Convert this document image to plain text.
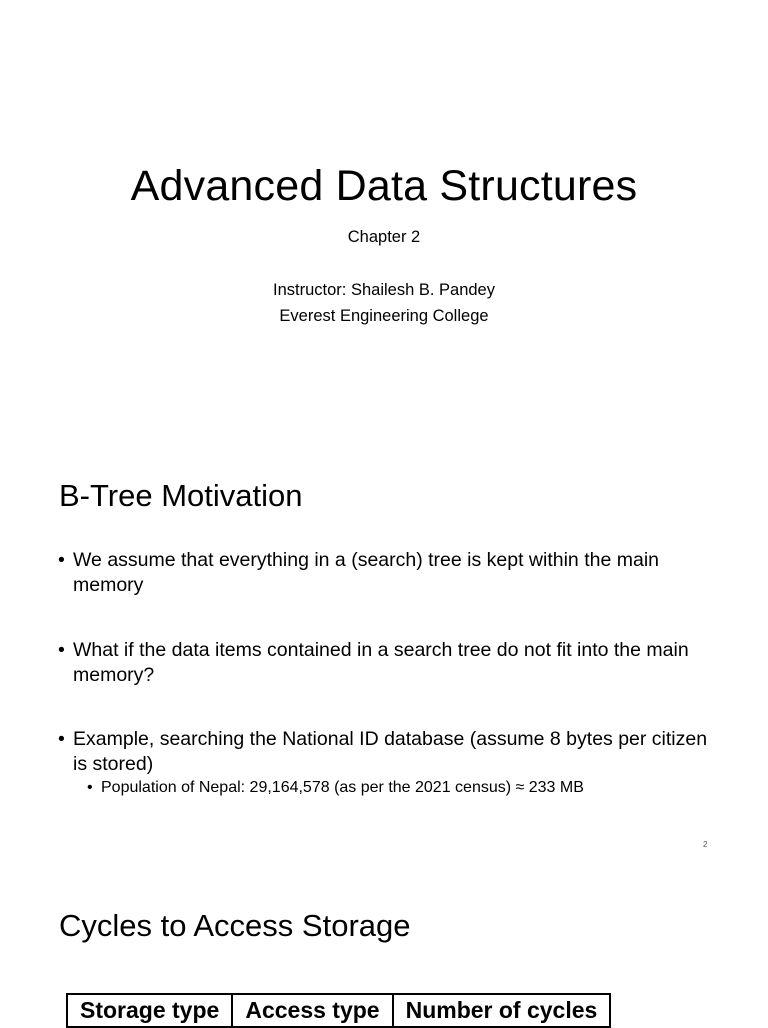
Advanced Data Structures
Chapter 2
Instructor: Shailesh B. Pandey
Everest Engineering College
B-Tree Motivation
• We assume that everything in a (search) tree is kept within the main memory
• What if the data items contained in a search tree do not fit into the main memory?
• Example, searching the National ID database (assume 8 bytes per citizen is stored)
• Population of Nepal: 29,164,578 (as per the 2021 census) ≈ 233 MB
2
Cycles to Access Storage
Storage type	Access type	Number of cycles
